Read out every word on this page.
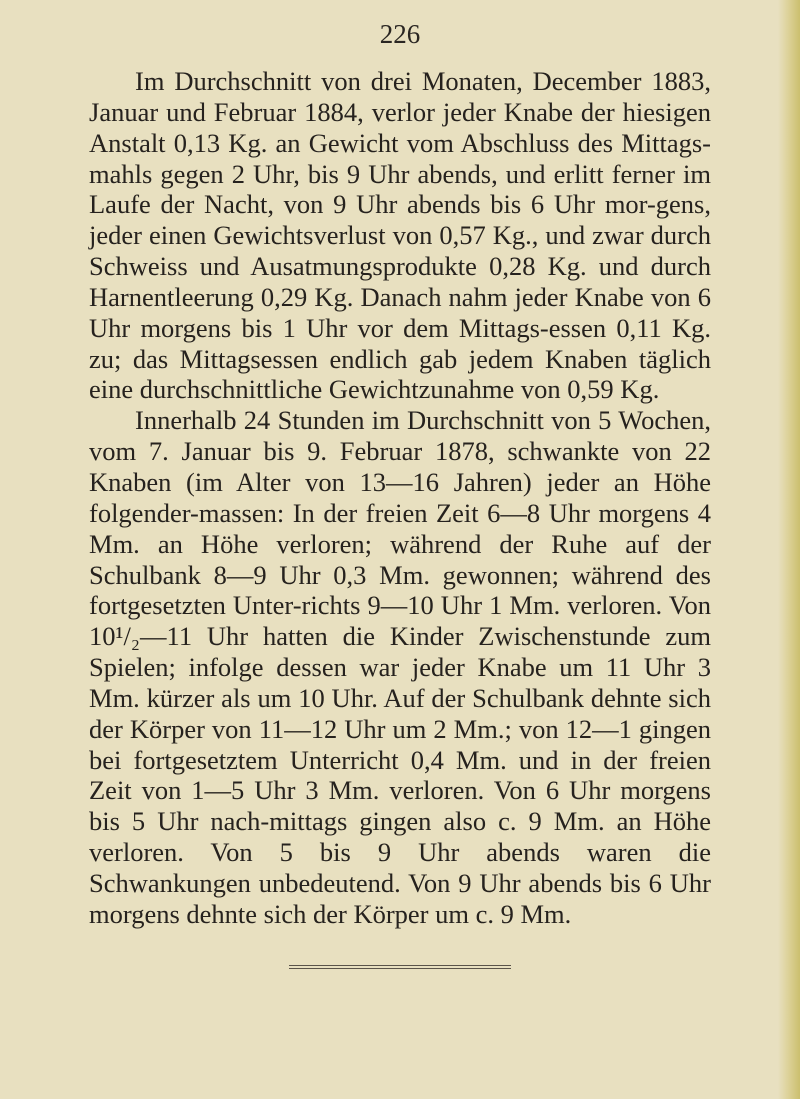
226

Im Durchschnitt von drei Monaten, December 1883, Januar und Februar 1884, verlor jeder Knabe der hiesigen Anstalt 0,13 Kg. an Gewicht vom Abschluss des Mittags-mahls gegen 2 Uhr, bis 9 Uhr abends, und erlitt ferner im Laufe der Nacht, von 9 Uhr abends bis 6 Uhr mor-gens, jeder einen Gewichtsverlust von 0,57 Kg., und zwar durch Schweiss und Ausatmungsprodukte 0,28 Kg. und durch Harnentleerung 0,29 Kg. Danach nahm jeder Knabe von 6 Uhr morgens bis 1 Uhr vor dem Mittags-essen 0,11 Kg. zu; das Mittagsessen endlich gab jedem Knaben täglich eine durchschnittliche Gewichtzunahme von 0,59 Kg.

Innerhalb 24 Stunden im Durchschnitt von 5 Wochen, vom 7. Januar bis 9. Februar 1878, schwankte von 22 Knaben (im Alter von 13—16 Jahren) jeder an Höhe folgender-massen: In der freien Zeit 6—8 Uhr morgens 4 Mm. an Höhe verloren; während der Ruhe auf der Schulbank 8—9 Uhr 0,3 Mm. gewonnen; während des fortgesetzten Unter-richts 9—10 Uhr 1 Mm. verloren. Von 10¹/₂—11 Uhr hatten die Kinder Zwischenstunde zum Spielen; infolge dessen war jeder Knabe um 11 Uhr 3 Mm. kürzer als um 10 Uhr. Auf der Schulbank dehnte sich der Körper von 11—12 Uhr um 2 Mm.; von 12—1 gingen bei fortgesetztem Unterricht 0,4 Mm. und in der freien Zeit von 1—5 Uhr 3 Mm. verloren. Von 6 Uhr morgens bis 5 Uhr nach-mittags gingen also c. 9 Mm. an Höhe verloren. Von 5 bis 9 Uhr abends waren die Schwankungen unbedeutend. Von 9 Uhr abends bis 6 Uhr morgens dehnte sich der Körper um c. 9 Mm.
